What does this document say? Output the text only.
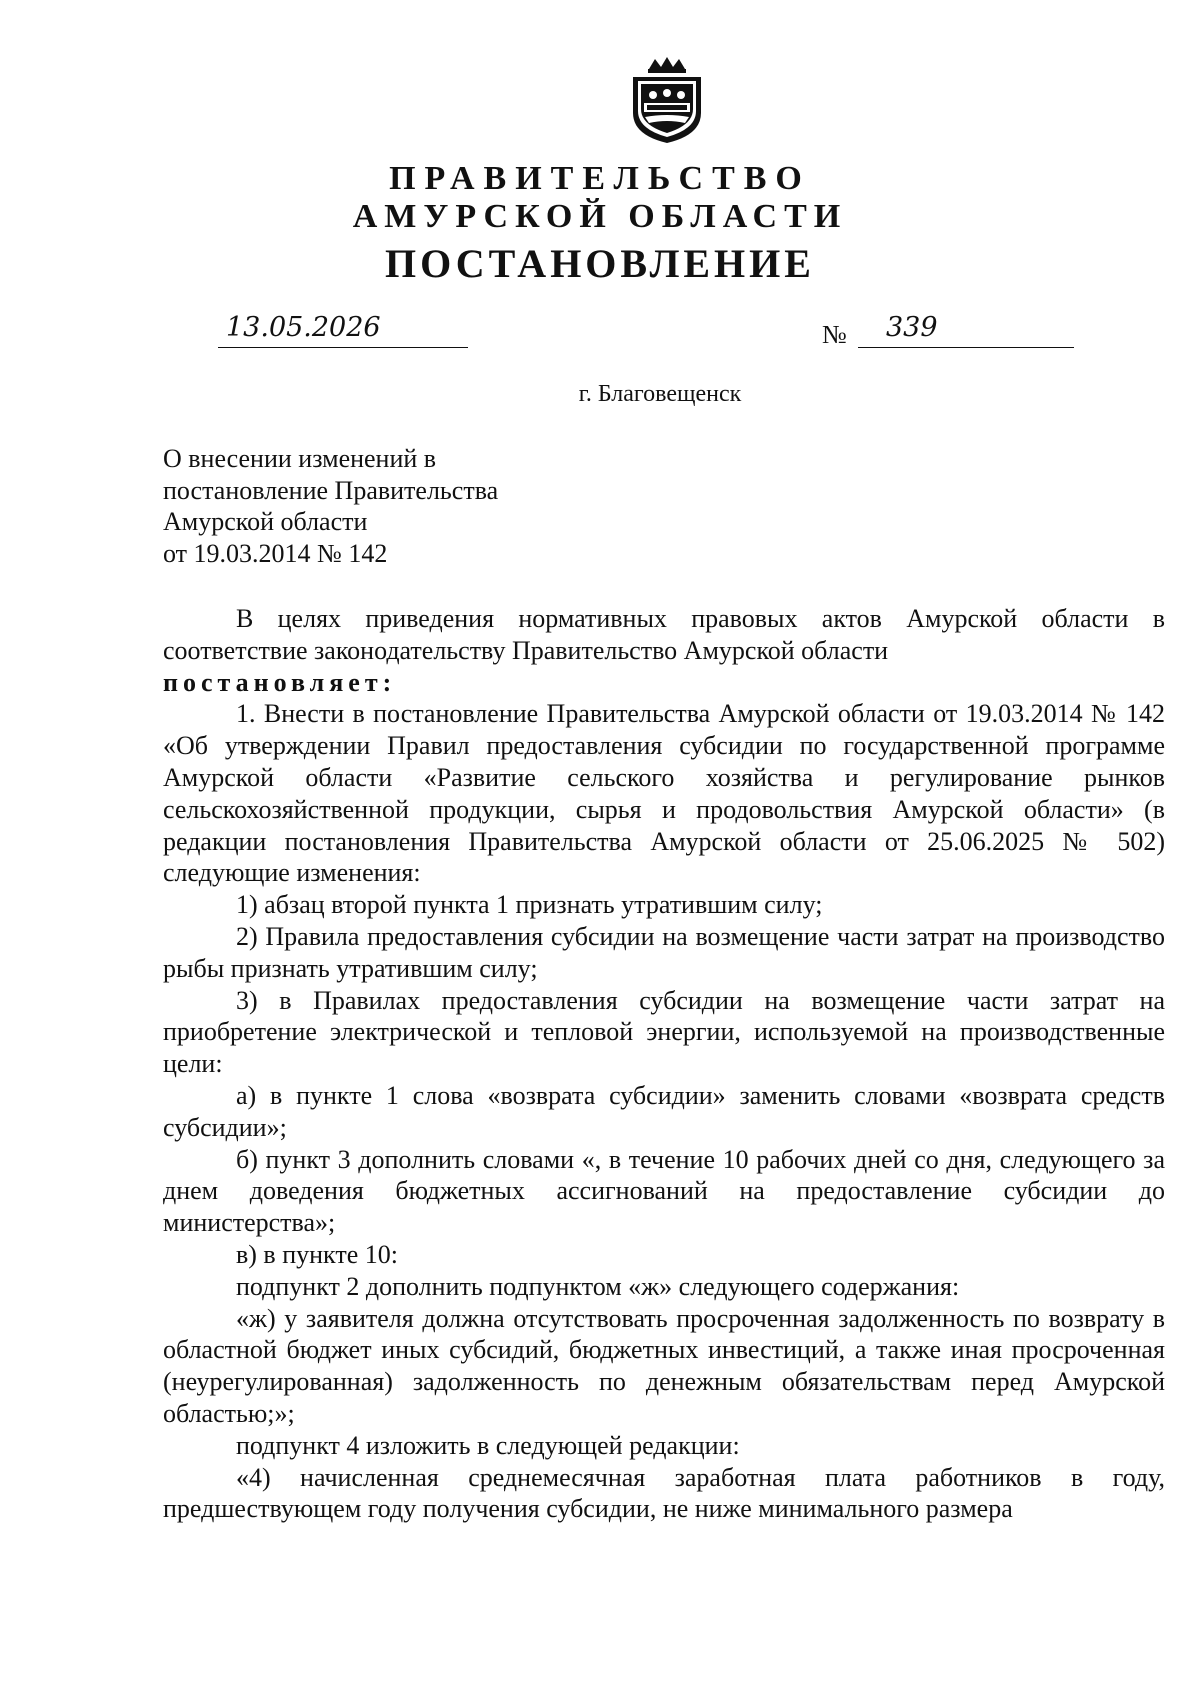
ПРАВИТЕЛЬСТВО
АМУРСКОЙ ОБЛАСТИ
ПОСТАНОВЛЕНИЕ
13.05.2026	№	339
г. Благовещенск
О внесении изменений в
постановление Правительства
Амурской области
от 19.03.2014 № 142

В целях приведения нормативных правовых актов Амурской области в соответствие законодательству Правительство Амурской области

постановляет:

1. Внести в постановление Правительства Амурской области от 19.03.2014 № 142 «Об утверждении Правил предоставления субсидии по государственной программе Амурской области «Развитие сельского хозяйства и регулирование рынков сельскохозяйственной продукции, сырья и продовольствия Амурской области» (в редакции постановления Правительства Амурской области от 25.06.2025 № 502) следующие изменения:

1) абзац второй пункта 1 признать утратившим силу;

2) Правила предоставления субсидии на возмещение части затрат на производство рыбы признать утратившим силу;

3) в Правилах предоставления субсидии на возмещение части затрат на приобретение электрической и тепловой энергии, используемой на производственные цели:

а) в пункте 1 слова «возврата субсидии» заменить словами «возврата средств субсидии»;

б) пункт 3 дополнить словами «, в течение 10 рабочих дней со дня, следующего за днем доведения бюджетных ассигнований на предоставление субсидии до министерства»;

в) в пункте 10:

подпункт 2 дополнить подпунктом «ж» следующего содержания:

«ж) у заявителя должна отсутствовать просроченная задолженность по возврату в областной бюджет иных субсидий, бюджетных инвестиций, а также иная просроченная (неурегулированная) задолженность по денежным обязательствам перед Амурской областью;»;

подпункт 4 изложить в следующей редакции:

«4) начисленная среднемесячная заработная плата работников в году, предшествующем году получения субсидии, не ниже минимального размера
